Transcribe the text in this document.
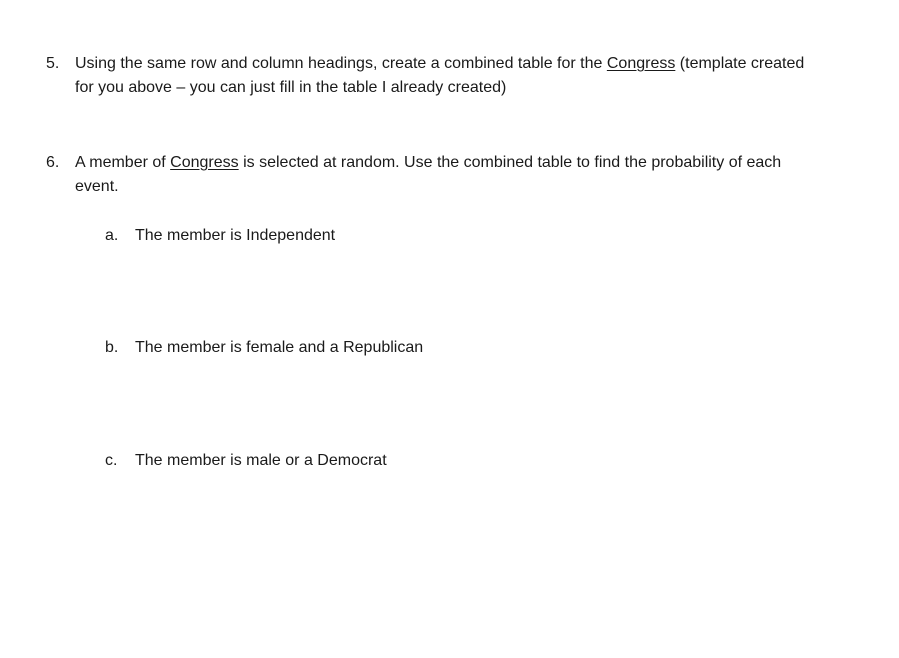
5. Using the same row and column headings, create a combined table for the Congress (template created for you above – you can just fill in the table I already created)
6. A member of Congress is selected at random. Use the combined table to find the probability of each event.
a. The member is Independent
b. The member is female and a Republican
c. The member is male or a Democrat
